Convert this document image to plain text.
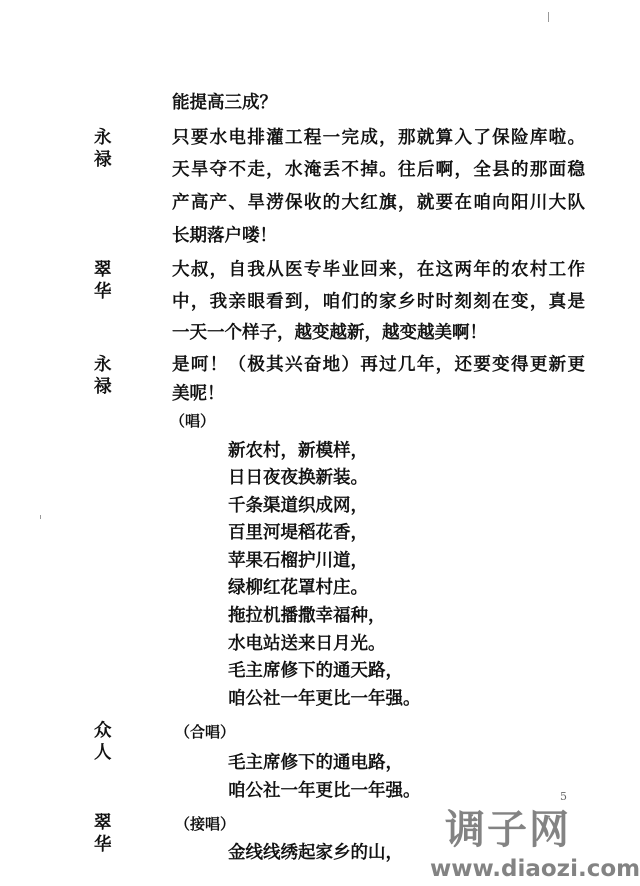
能提高三成？
永禄
只要水电排灌工程一完成，那就算入了保险库啦。
天旱夺不走，水淹丢不掉。往后啊，全县的那面稳
产高产、旱涝保收的大红旗，就要在咱向阳川大队
长期落户喽！
翠华
大叔，自我从医专毕业回来，在这两年的农村工作
中，我亲眼看到，咱们的家乡时时刻刻在变，真是
一天一个样子，越变越新，越变越美啊！
永禄
是呵！（极其兴奋地）再过几年，还要变得更新更
美呢！
（唱）
新农村，新模样，
日日夜夜换新装。
千条渠道织成网，
百里河堤稻花香，
苹果石榴护川道，
绿柳红花罩村庄。
拖拉机播撒幸福种，
水电站送来日月光。
毛主席修下的通天路，
咱公社一年更比一年强。
众人
（合唱）
毛主席修下的通电路，
咱公社一年更比一年强。
翠华
（接唱）
金线线绣起家乡的山，
5
调子网
www.diaozi.com
